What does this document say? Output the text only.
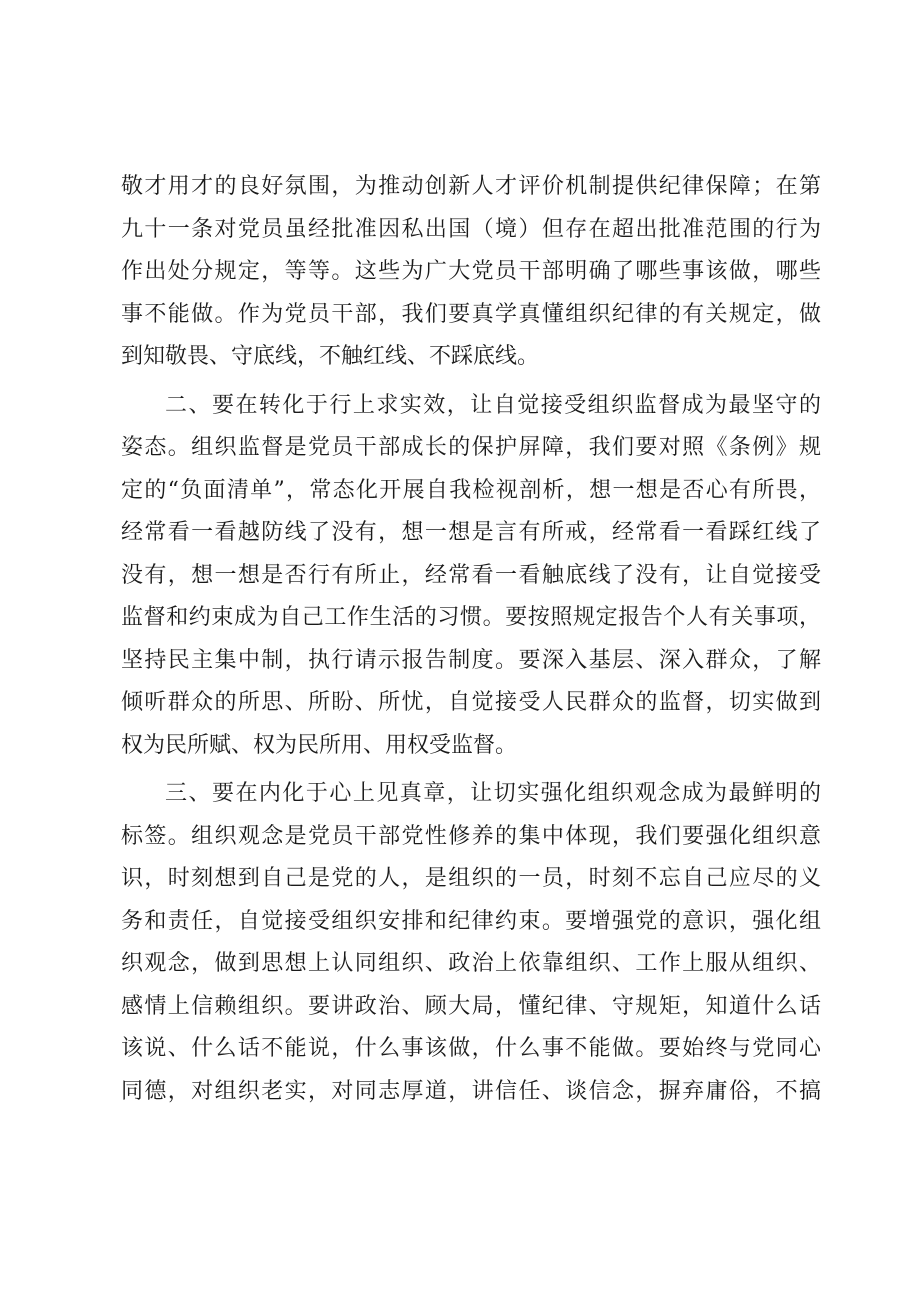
敬才用才的良好氛围，为推动创新人才评价机制提供纪律保障；在第
九十一条对党员虽经批准因私出国（境）但存在超出批准范围的行为
作出处分规定，等等。这些为广大党员干部明确了哪些事该做，哪些
事不能做。作为党员干部，我们要真学真懂组织纪律的有关规定，做
到知敬畏、守底线，不触红线、不踩底线。
二、要在转化于行上求实效，让自觉接受组织监督成为最坚守的
姿态。组织监督是党员干部成长的保护屏障，我们要对照《条例》规
定的“负面清单”，常态化开展自我检视剖析，想一想是否心有所畏，
经常看一看越防线了没有，想一想是言有所戒，经常看一看踩红线了
没有，想一想是否行有所止，经常看一看触底线了没有，让自觉接受
监督和约束成为自己工作生活的习惯。要按照规定报告个人有关事项，
坚持民主集中制，执行请示报告制度。要深入基层、深入群众，了解
倾听群众的所思、所盼、所忧，自觉接受人民群众的监督，切实做到
权为民所赋、权为民所用、用权受监督。
三、要在内化于心上见真章，让切实强化组织观念成为最鲜明的
标签。组织观念是党员干部党性修养的集中体现，我们要强化组织意
识，时刻想到自己是党的人，是组织的一员，时刻不忘自己应尽的义
务和责任，自觉接受组织安排和纪律约束。要增强党的意识，强化组
织观念，做到思想上认同组织、政治上依靠组织、工作上服从组织、
感情上信赖组织。要讲政治、顾大局，懂纪律、守规矩，知道什么话
该说、什么话不能说，什么事该做，什么事不能做。要始终与党同心
同德，对组织老实，对同志厚道，讲信任、谈信念，摒弃庸俗，不搞
